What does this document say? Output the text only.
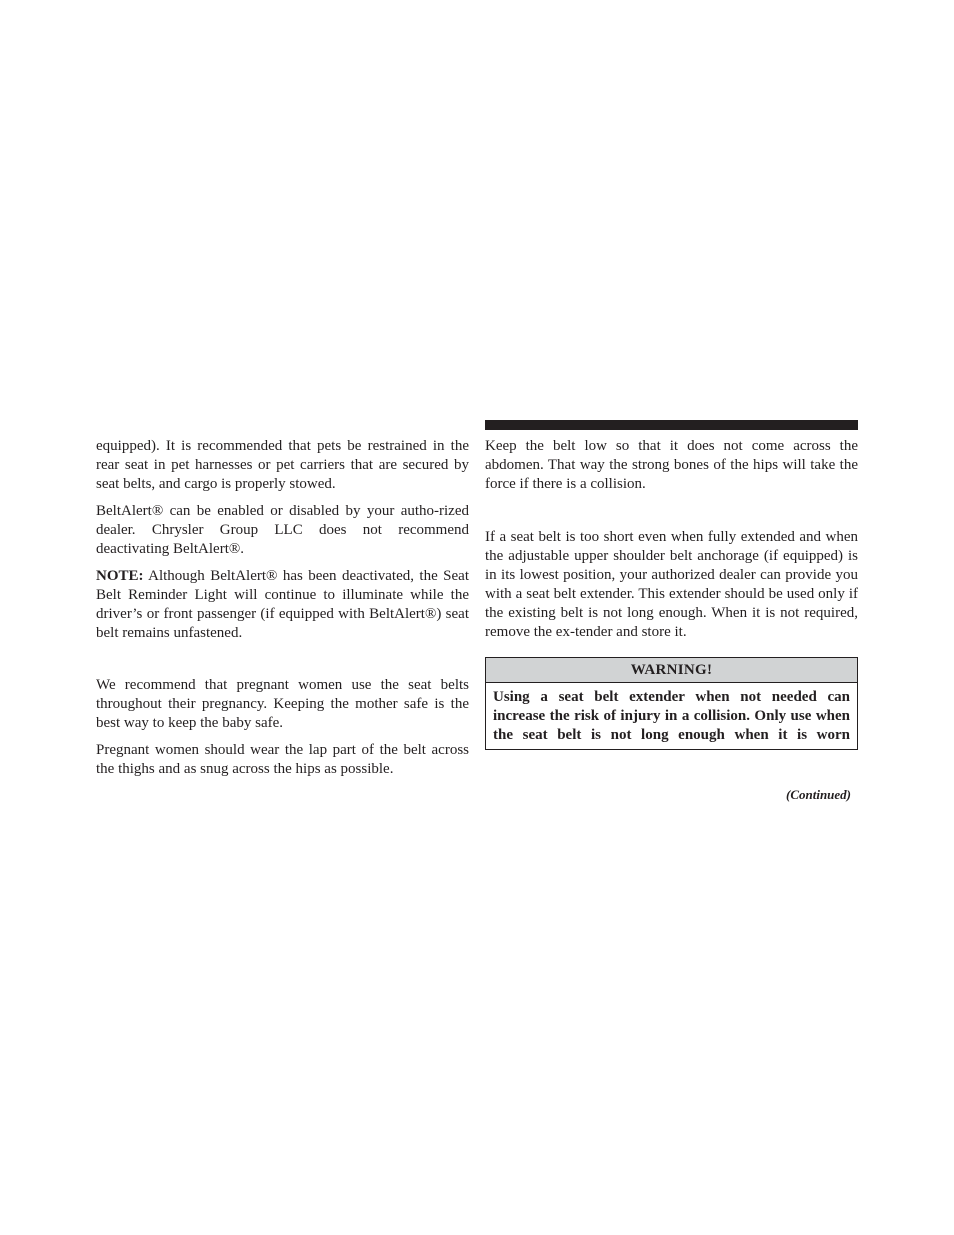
equipped). It is recommended that pets be restrained in the rear seat in pet harnesses or pet carriers that are secured by seat belts, and cargo is properly stowed.

BeltAlert® can be enabled or disabled by your autho-rized dealer. Chrysler Group LLC does not recommend deactivating BeltAlert®.

NOTE: Although BeltAlert® has been deactivated, the Seat Belt Reminder Light will continue to illuminate while the driver’s or front passenger (if equipped with BeltAlert®) seat belt remains unfastened.

We recommend that pregnant women use the seat belts throughout their pregnancy. Keeping the mother safe is the best way to keep the baby safe.

Pregnant women should wear the lap part of the belt across the thighs and as snug across the hips as possible.

Keep the belt low so that it does not come across the abdomen. That way the strong bones of the hips will take the force if there is a collision.

If a seat belt is too short even when fully extended and when the adjustable upper shoulder belt anchorage (if equipped) is in its lowest position, your authorized dealer can provide you with a seat belt extender. This extender should be used only if the existing belt is not long enough. When it is not required, remove the ex-tender and store it.

WARNING!
Using a seat belt extender when not needed can increase the risk of injury in a collision. Only use when the seat belt is not long enough when it is worn
(Continued)
